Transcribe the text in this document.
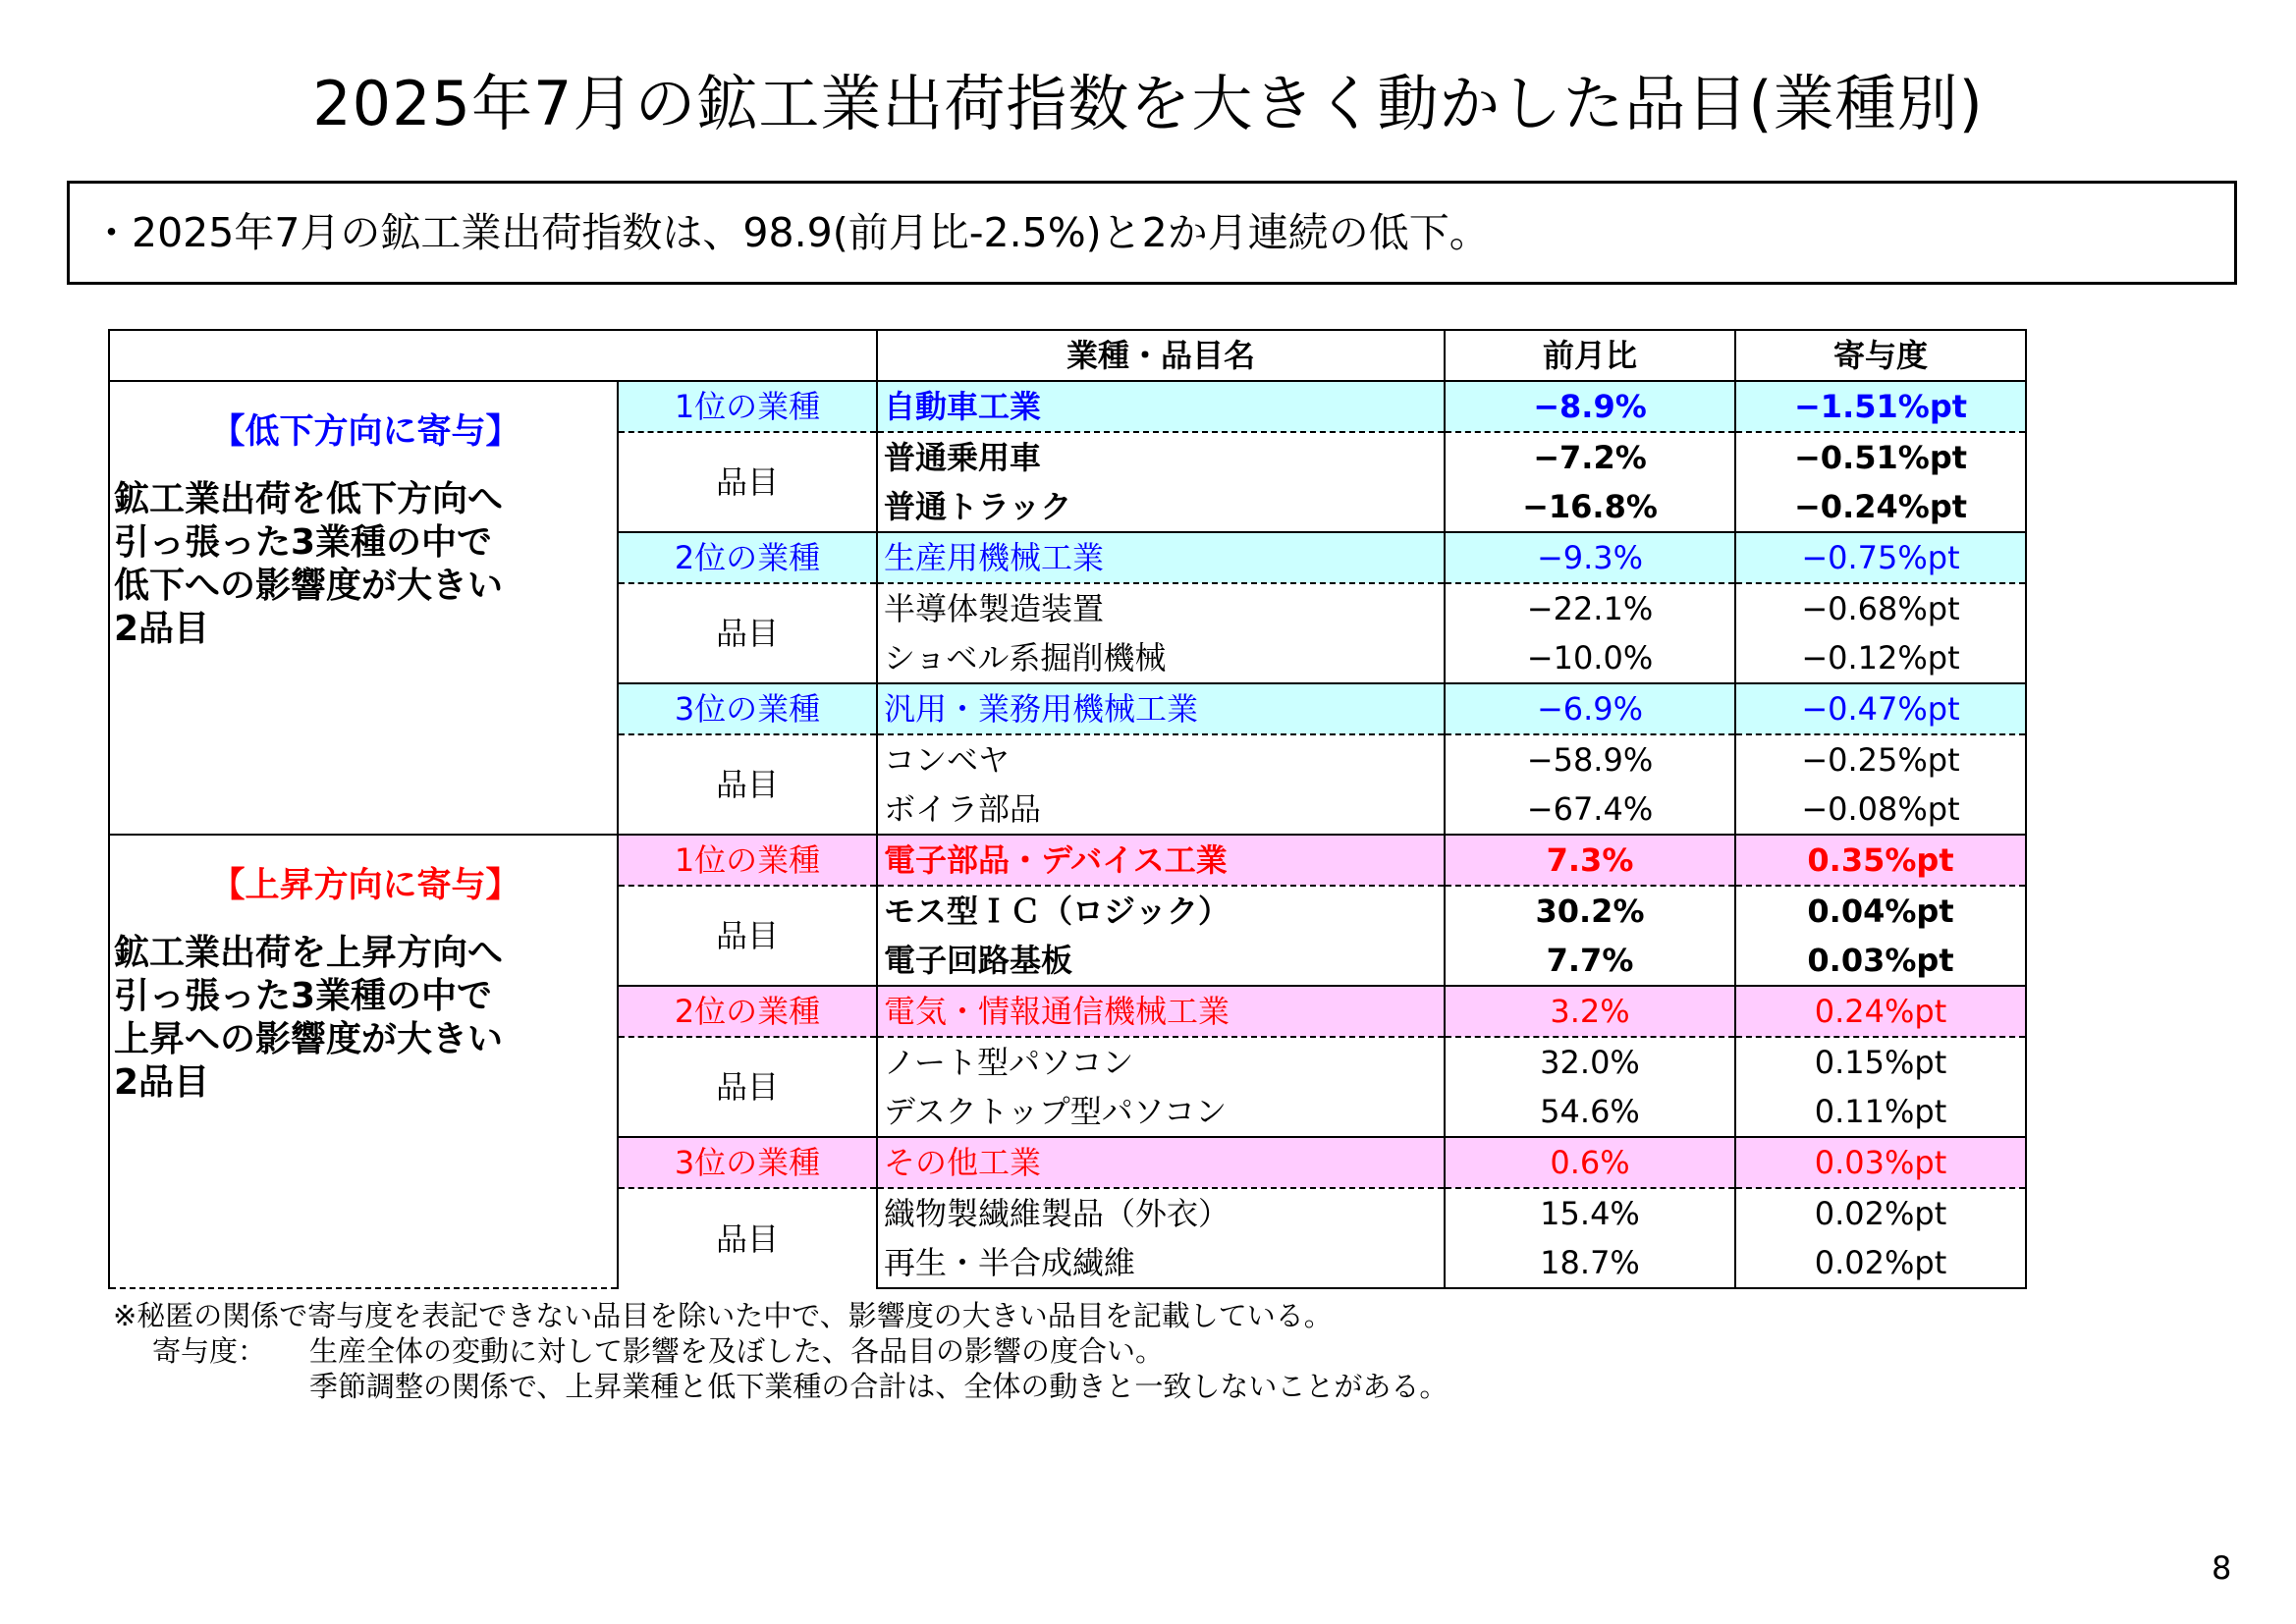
2025年7月の鉱工業出荷指数を大きく動かした品目(業種別)
・2025年7月の鉱工業出荷指数は、98.9(前月比-2.5%)と2か月連続の低下。
		業種・品目名	前月比	寄与度

【低下方向に寄与】
鉱工業出荷を低下方向へ
引っ張った3業種の中で
低下への影響度が大きい
2品目	1位の業種	自動車工業	−8.9%	−1.51%pt
	品目	普通乗用車	−7.2%	−0.51%pt
		普通トラック	−16.8%	−0.24%pt
	2位の業種	生産用機械工業	−9.3%	−0.75%pt
	品目	半導体製造装置	−22.1%	−0.68%pt
		ショベル系掘削機械	−10.0%	−0.12%pt
	3位の業種	汎用・業務用機械工業	−6.9%	−0.47%pt
	品目	コンベヤ	−58.9%	−0.25%pt
		ボイラ部品	−67.4%	−0.08%pt

【上昇方向に寄与】
鉱工業出荷を上昇方向へ
引っ張った3業種の中で
上昇への影響度が大きい
2品目	1位の業種	電子部品・デバイス工業	7.3%	0.35%pt
	品目	モス型ＩＣ（ロジック）	30.2%	0.04%pt
		電子回路基板	7.7%	0.03%pt
	2位の業種	電気・情報通信機械工業	3.2%	0.24%pt
	品目	ノート型パソコン	32.0%	0.15%pt
		デスクトップ型パソコン	54.6%	0.11%pt
	3位の業種	その他工業	0.6%	0.03%pt
	品目	織物製繊維製品（外衣）	15.4%	0.02%pt
		再生・半合成繊維	18.7%	0.02%pt
※秘匿の関係で寄与度を表記できない品目を除いた中で、影響度の大きい品目を記載している。
寄与度： 生産全体の変動に対して影響を及ぼした、各品目の影響の度合い。
季節調整の関係で、上昇業種と低下業種の合計は、全体の動きと一致しないことがある。
8
